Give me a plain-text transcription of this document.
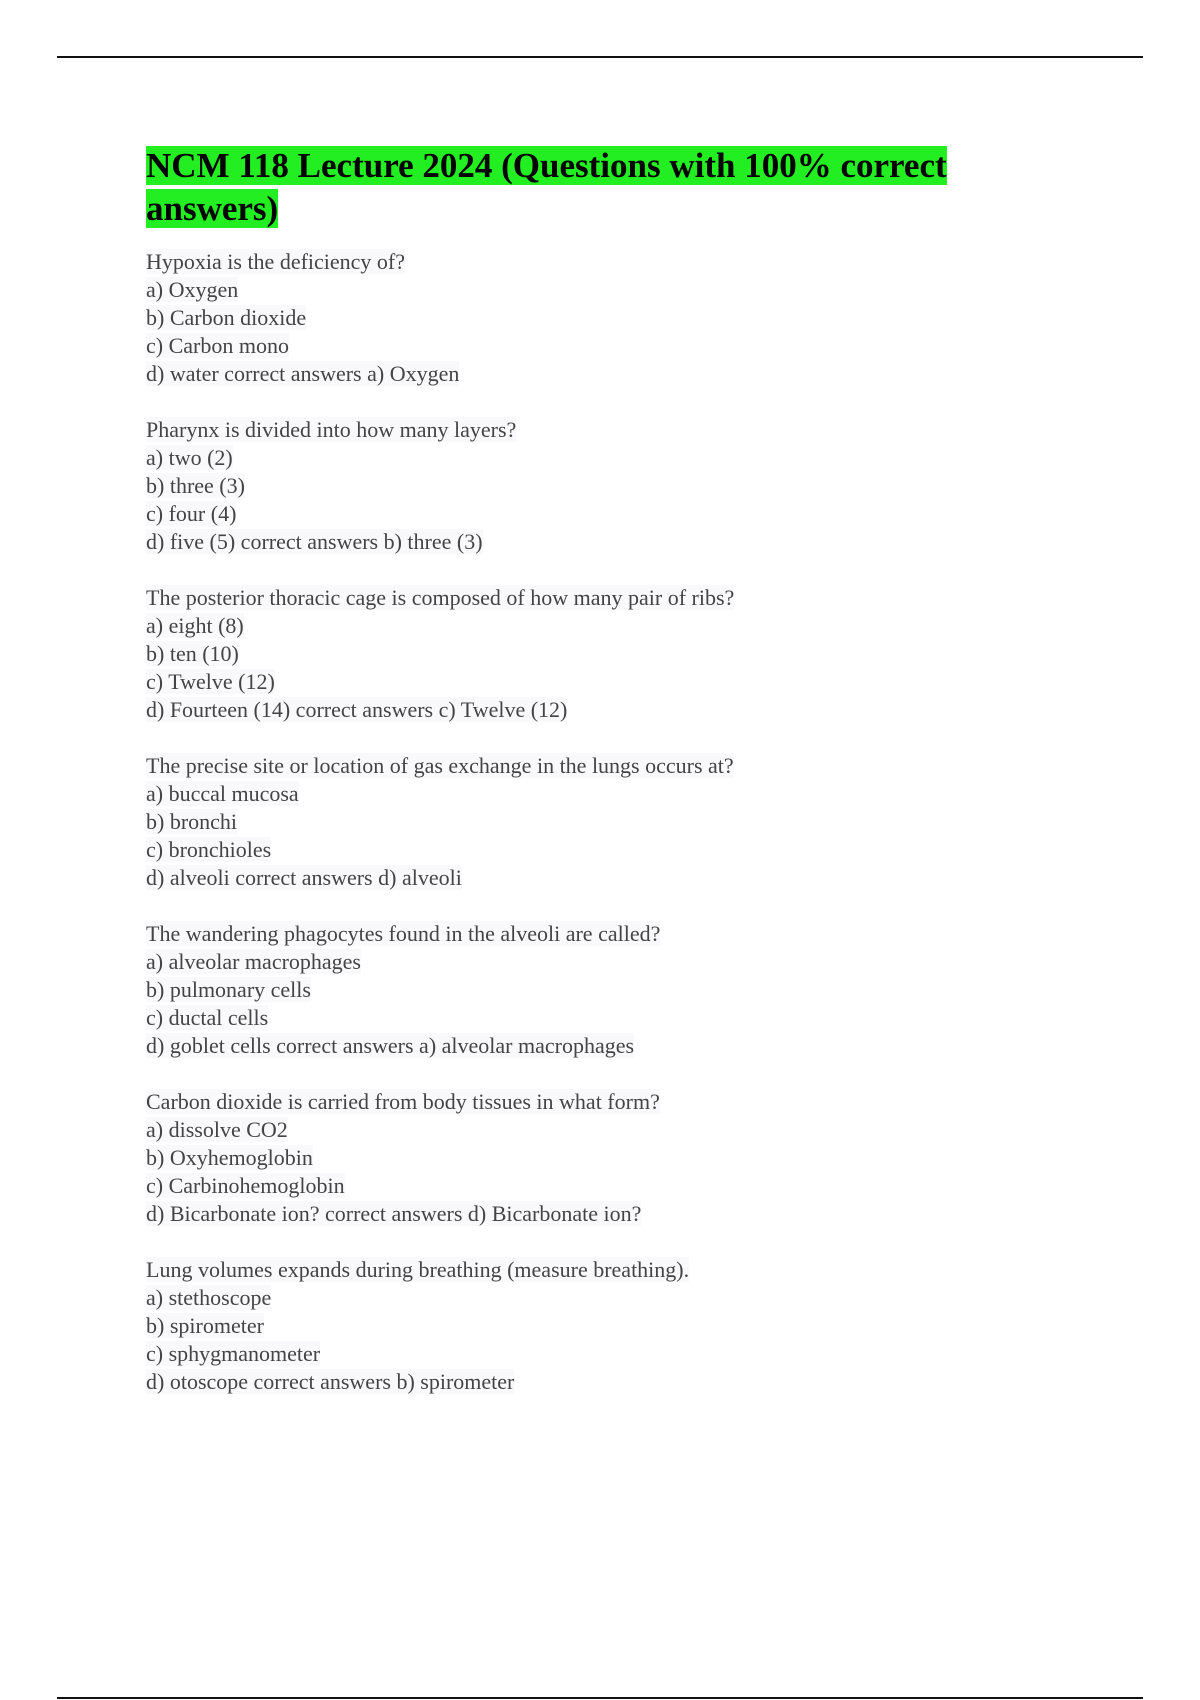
NCM 118 Lecture 2024 (Questions with 100% correct answers)
Hypoxia is the deficiency of?
a) Oxygen
b) Carbon dioxide
c) Carbon mono
d) water correct answers a) Oxygen
Pharynx is divided into how many layers?
a) two (2)
b) three (3)
c) four (4)
d) five (5) correct answers b) three (3)
The posterior thoracic cage is composed of how many pair of ribs?
a) eight (8)
b) ten (10)
c) Twelve (12)
d) Fourteen (14) correct answers c) Twelve (12)
The precise site or location of gas exchange in the lungs occurs at?
a) buccal mucosa
b) bronchi
c) bronchioles
d) alveoli correct answers d) alveoli
The wandering phagocytes found in the alveoli are called?
a) alveolar macrophages
b) pulmonary cells
c) ductal cells
d) goblet cells correct answers a) alveolar macrophages
Carbon dioxide is carried from body tissues in what form?
a) dissolve CO2
b) Oxyhemoglobin
c) Carbinohemoglobin
d) Bicarbonate ion? correct answers d) Bicarbonate ion?
Lung volumes expands during breathing (measure breathing).
a) stethoscope
b) spirometer
c) sphygmanometer
d) otoscope correct answers b) spirometer
